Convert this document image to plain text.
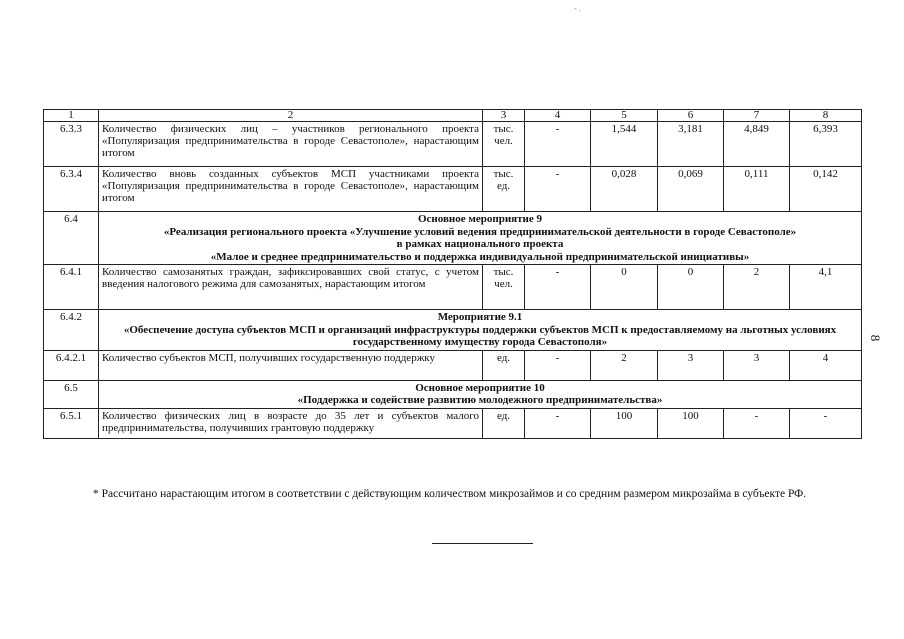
- .
1	2	3	4	5	6	7	8
6.3.3	Количество физических лиц – участников регионального проекта «Популяризация предпринимательства в городе Севастополе», нарастающим итогом	тыс. чел.	-	1,544	3,181	4,849	6,393
6.3.4	Количество вновь созданных субъектов МСП участниками проекта «Популяризация предпринимательства в городе Севастополе», нарастающим итогом	тыс. ед.	-	0,028	0,069	0,111	0,142
6.4	Основное мероприятие 9
«Реализация регионального проекта «Улучшение условий ведения предпринимательской деятельности в городе Севастополе»
в рамках национального проекта
«Малое и среднее предпринимательство и поддержка индивидуальной предпринимательской инициативы»						

6.4.1	Количество самозанятых граждан, зафиксировавших свой статус, с учетом введения налогового режима для самозанятых, нарастающим итогом	тыс. чел.	-	0	0	2	4,1
6.4.2	Мероприятие 9.1
«Обеспечение доступа субъектов МСП и организаций инфраструктуры поддержки субъектов МСП к предоставляемому на льготных условиях государственному имуществу города Севастополя»						

6.4.2.1	Количество субъектов МСП, получивших государственную поддержку	ед.	-	2	3	3	4
6.5	Основное мероприятие 10
«Поддержка и содействие развитию молодежного предпринимательства»						

6.5.1	Количество физических лиц в возрасте до 35 лет и субъектов малого предпринимательства, получивших грантовую поддержку	ед.	-	100	100	-	-
8
* Рассчитано нарастающим итогом в соответствии с действующим количеством микрозаймов и со средним размером микрозайма в субъекте РФ.
